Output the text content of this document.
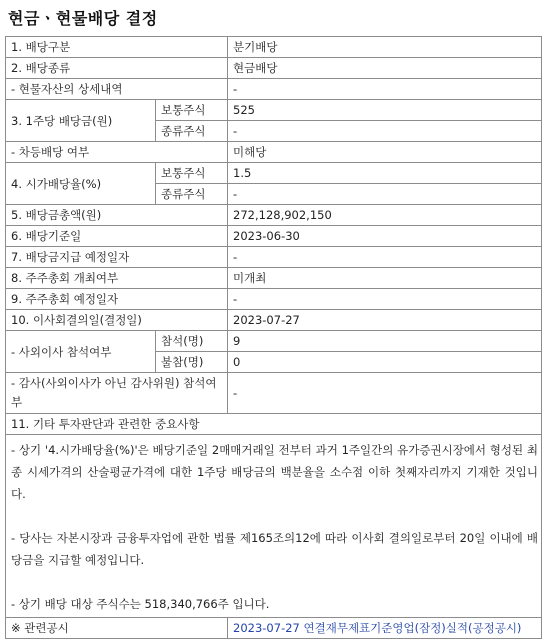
현금ㆍ현물배당 결정
1. 배당구분		분기배당
2. 배당종류		현금배당
- 현물자산의 상세내역		-
3. 1주당 배당금(원)	보통주식	525
	종류주식	-
- 차등배당 여부		미해당
4. 시가배당율(%)	보통주식	1.5
	종류주식	-
5. 배당금총액(원)		272,128,902,150
6. 배당기준일		2023-06-30
7. 배당금지급 예정일자		-
8. 주주총회 개최여부		미개최
9. 주주총회 예정일자		-
10. 이사회결의일(결정일)		2023-07-27
- 사외이사 참석여부	참석(명)	9
	불참(명)	0
- 감사(사외이사가 아닌 감사위원) 참석여부		-
11. 기타 투자판단과 관련한 중요사항		

- 상기 '4.시가배당율(%)'은 배당기준일 2매매거래일 전부터 과거 1주일간의 유가증권시장에서 형성된 최종 시세가격의 산술평균가격에 대한 1주당 배당금의 백분율을 소수점 이하 첫째자리까지 기재한 것입니다.

- 당사는 자본시장과 금융투자업에 관한 법률 제165조의12에 따라 이사회 결의일로부터 20일 이내에 배당금을 지급할 예정입니다.

- 상기 배당 대상 주식수는 518,340,766주 입니다.		

※ 관련공시		2023-07-27 연결재무제표기준영업(잠정)실적(공정공시)
